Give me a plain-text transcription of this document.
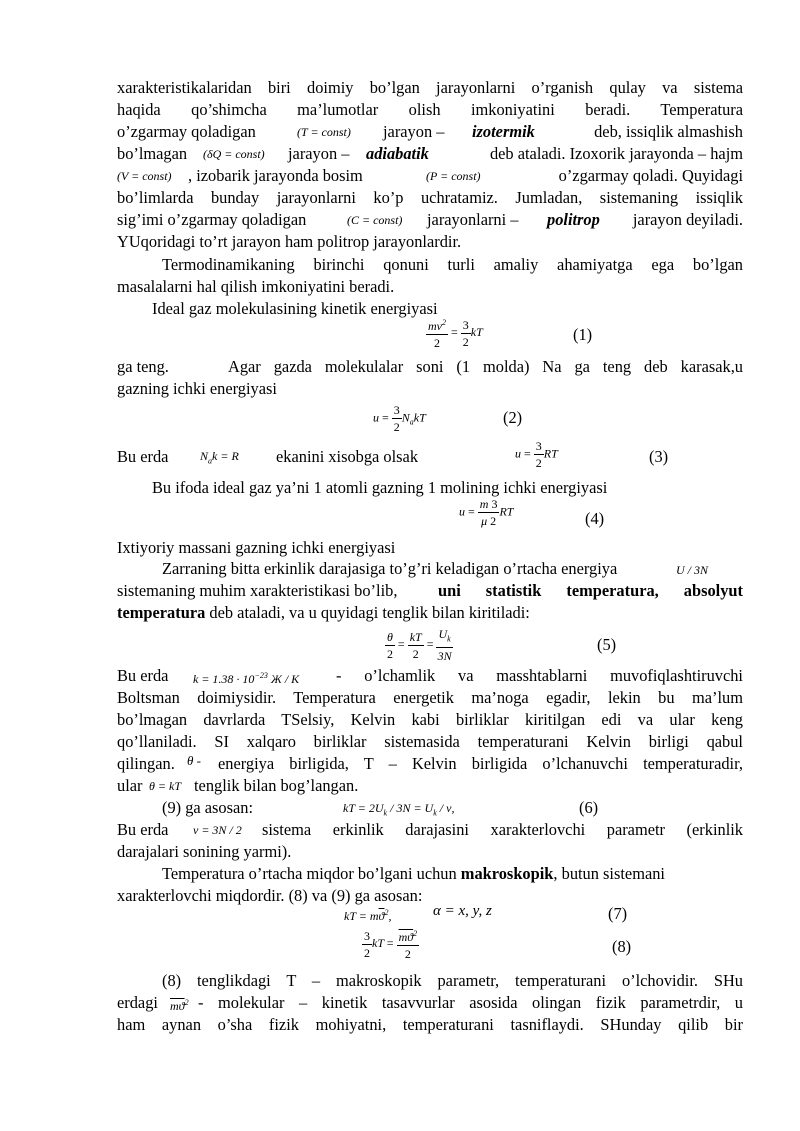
xarakteristikalaridan biri doimiy bo’lgan jarayonlarni o’rganish qulay va sistema
haqida qo’shimcha ma’lumotlar olish imkoniyatini beradi. Temperatura
o’zgarmay qoladigan	(T = const) jarayon – izotermik	deb, issiqlik almashish
bo’lmagan	(δQ = const) jarayon – adiabatik	deb ataladi. Izoxorik jarayonda – hajm
(V = const) , izobarik jarayonda bosim	(P = const)	o’zgarmay qoladi. Quyidagi
bo’limlarda bunday jarayonlarni ko’p uchratamiz. Jumladan, sistemaning issiqlik
sig’imi o’zgarmay qoladigan	(C = const) jarayonlarni – politrop	jarayon deyiladi.
YUqoridagi to’rt jarayon ham politrop jarayonlardir.
Termodinamikaning birinchi qonuni turli amaliy ahamiyatga ega bo’lgan
masalalarni hal qilish imkoniyatini beradi.
Ideal gaz molekulasining kinetik energiyasi
$\frac{mv^2}{2} = \frac{3}{2}$ kT	(1)
ga teng.	Agar gazda molekulalar soni (1 molda) Na ga teng deb karasak,u
gazning ichki energiyasi
$u = \frac{3}{2} N_akT$	(2)
Bu erda	$N_ak = R$ ekanini xisobga olsak	$u = \frac{3}{2}$ RT	(3)
Bu ifoda ideal gaz ya’ni 1 atomli gazning 1 molining ichki energiyasi
$u = \frac{m 3}{\mu 2}$ RT	(4)
Ixtiyoriy massani gazning ichki energiyasi
Zarraning bitta erkinlik darajasiga to’g’ri keladigan o’rtacha energiya	U / 3N
sistemaning muhim xarakteristikasi bo’lib,	uni statistik temperatura, absolyut
temperatura deb ataladi, va u quyidagi tenglik bilan kiritiladi:
$\frac{\theta}{2} = \frac{kT}{2} = \frac{U_k}{3N}$	(5)
Bu erda $k = 1.38 \cdot 10^{-23}$ Ж / K - o’lchamlik va masshtablarni muvofiqlashtiruvchi
Boltsman doimiysidir. Temperatura energetik ma’noga egadir, lekin bu ma’lum
bo’lmagan davrlarda TSelsiy, Kelvin kabi birliklar kiritilgan edi va ular keng
qo’llaniladi. SI xalqaro birliklar sistemasida temperaturani Kelvin birligi qabul
qilingan. θ - energiya birligida, T – Kelvin birligida o’lchanuvchi temperaturadir,
ular θ = kT tenglik bilan bog’langan.
(9) ga asosan:	kT = $2U_k / 3N = U_k / \nu$,	(6)
Bu erda ν = 3N / 2 sistema erkinlik darajasini xarakterlovchi parametr (erkinlik
darajalari sonining yarmi).
Temperatura o’rtacha miqdor bo’lgani uchun makroskopik, butun sistemani
xarakterlovchi miqdordir. (8) va (9) ga asosan:
kT = $m\overline{ϑ}^2$,	α = x, y, z	(7)
$\frac{3}{2}$ kT = $\frac{\overline{mϑ}^2}{2}$	(8)
(8) tenglikdagi T – makroskopik parametr, temperaturani o’lchovidir. SHu
erdagi $\overline{mϑ}^2$ - molekular – kinetik tasavvurlar asosida olingan fizik parametrdir, u
ham aynan o’sha fizik mohiyatni, temperaturani tasniflaydi. SHunday qilib bir
